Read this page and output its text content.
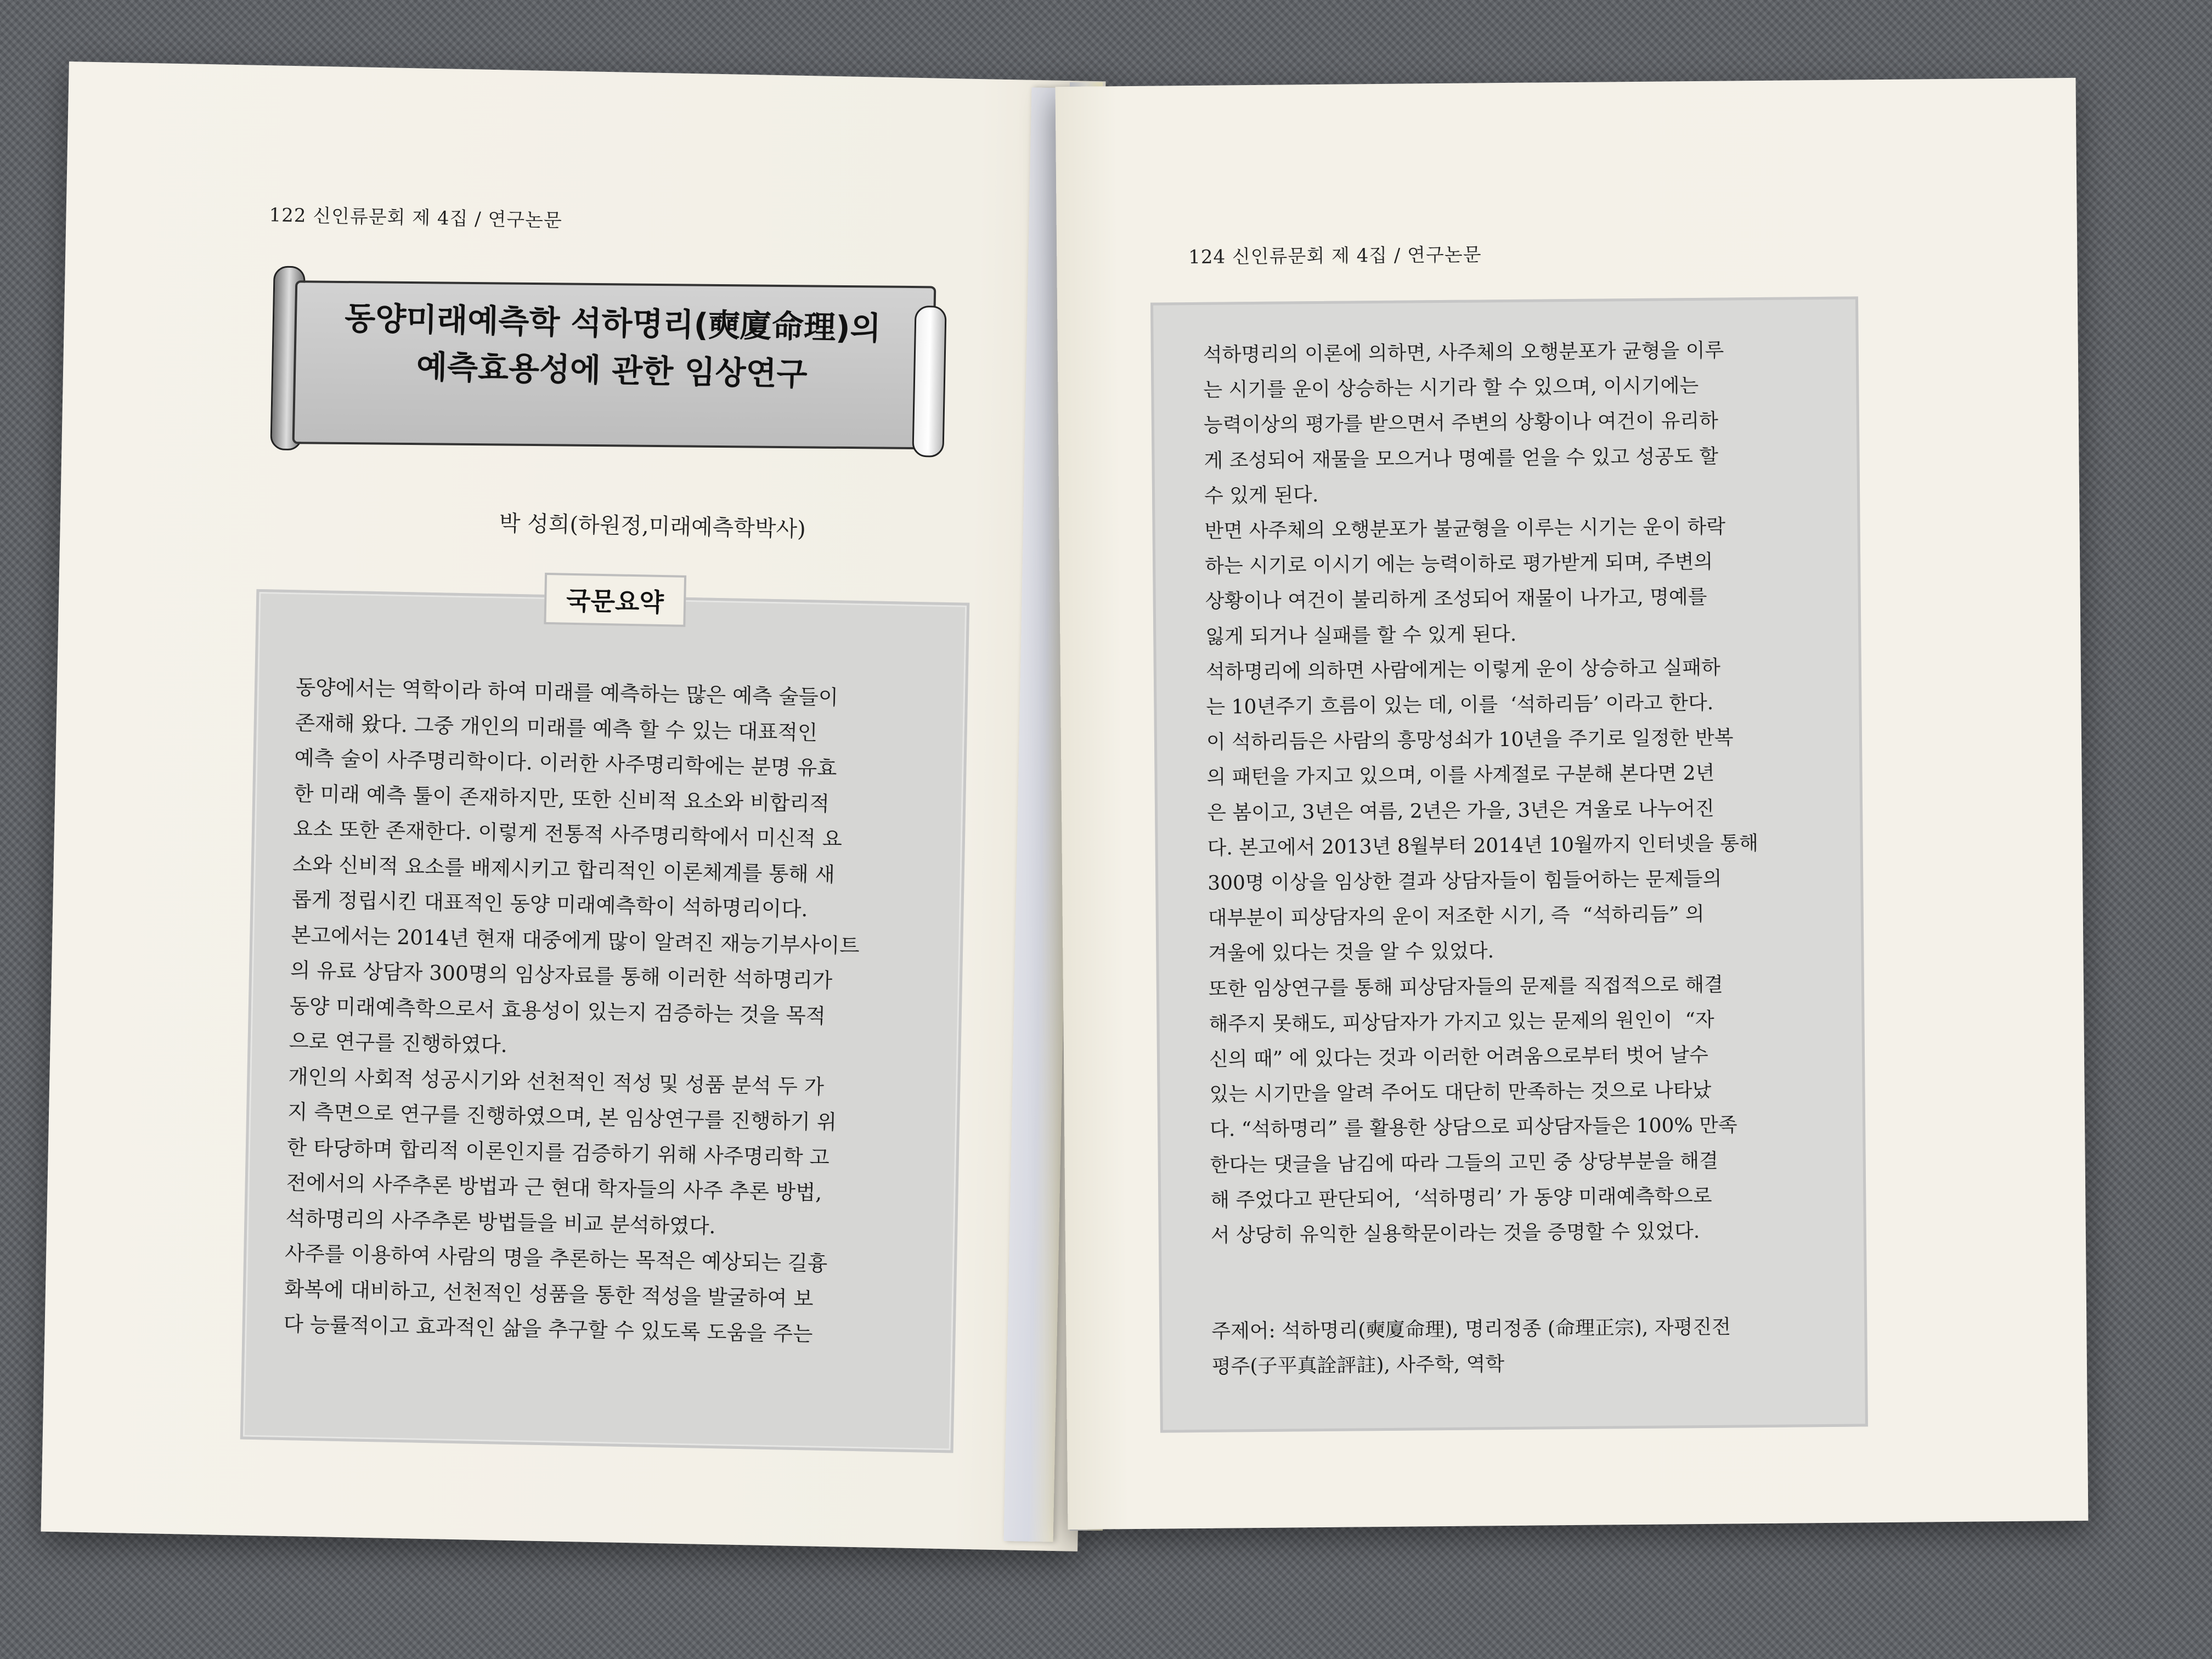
122 신인류문회 제 4집 / 연구논문
동양미래예측학 석하명리(奭廈命理)의
예측효용성에 관한 임상연구
박 성희(하원정,미래예측학박사)
국문요약
동양에서는 역학이라 하여 미래를 예측하는 많은 예측 술들이
존재해 왔다. 그중 개인의 미래를 예측 할 수 있는 대표적인
예측 술이 사주명리학이다. 이러한 사주명리학에는 분명 유효
한 미래 예측 툴이 존재하지만, 또한 신비적 요소와 비합리적
요소 또한 존재한다. 이렇게 전통적 사주명리학에서 미신적 요
소와 신비적 요소를 배제시키고 합리적인 이론체계를 통해 새
롭게 정립시킨 대표적인 동양 미래예측학이 석하명리이다.
본고에서는 2014년 현재 대중에게 많이 알려진 재능기부사이트
의 유료 상담자 300명의 임상자료를 통해 이러한 석하명리가
동양 미래예측학으로서 효용성이 있는지 검증하는 것을 목적
으로 연구를 진행하였다.
개인의 사회적 성공시기와 선천적인 적성 및 성품 분석 두 가
지 측면으로 연구를 진행하였으며, 본 임상연구를 진행하기 위
한 타당하며 합리적 이론인지를 검증하기 위해 사주명리학 고
전에서의 사주추론 방법과 근 현대 학자들의 사주 추론 방법,
석하명리의 사주추론 방법들을 비교 분석하였다.
사주를 이용하여 사람의 명을 추론하는 목적은 예상되는 길흉
화복에 대비하고, 선천적인 성품을 통한 적성을 발굴하여 보
다 능률적이고 효과적인 삶을 추구할 수 있도록 도움을 주는
124 신인류문회 제 4집 / 연구논문
석하명리의 이론에 의하면, 사주체의 오행분포가 균형을 이루
는 시기를 운이 상승하는 시기라 할 수 있으며, 이시기에는
능력이상의 평가를 받으면서 주변의 상황이나 여건이 유리하
게 조성되어 재물을 모으거나 명예를 얻을 수 있고 성공도 할
수 있게 된다.
반면 사주체의 오행분포가 불균형을 이루는 시기는 운이 하락
하는 시기로 이시기 에는 능력이하로 평가받게 되며, 주변의
상황이나 여건이 불리하게 조성되어 재물이 나가고, 명예를
잃게 되거나 실패를 할 수 있게 된다.
석하명리에 의하면 사람에게는 이렇게 운이 상승하고 실패하
는 10년주기 흐름이 있는 데, 이를  ‘석하리듬’ 이라고 한다.
이 석하리듬은 사람의 흥망성쇠가 10년을 주기로 일정한 반복
의 패턴을 가지고 있으며, 이를 사계절로 구분해 본다면 2년
은 봄이고, 3년은 여름, 2년은 가을, 3년은 겨울로 나누어진
다. 본고에서 2013년 8월부터 2014년 10월까지 인터넷을 통해
300명 이상을 임상한 결과 상담자들이 힘들어하는 문제들의
대부분이 피상담자의 운이 저조한 시기, 즉  “석하리듬” 의
겨울에 있다는 것을 알 수 있었다.
또한 임상연구를 통해 피상담자들의 문제를 직접적으로 해결
해주지 못해도, 피상담자가 가지고 있는 문제의 원인이  “자
신의 때” 에 있다는 것과 이러한 어려움으로부터 벗어 날수
있는 시기만을 알려 주어도 대단히 만족하는 것으로 나타났
다. “석하명리” 를 활용한 상담으로 피상담자들은 100% 만족
한다는 댓글을 남김에 따라 그들의 고민 중 상당부분을 해결
해 주었다고 판단되어,  ‘석하명리’ 가 동양 미래예측학으로
서 상당히 유익한 실용학문이라는 것을 증명할 수 있었다.
주제어: 석하명리(奭廈命理), 명리정종 (命理正宗), 자평진전
평주(子平真詮評註), 사주학, 역학
